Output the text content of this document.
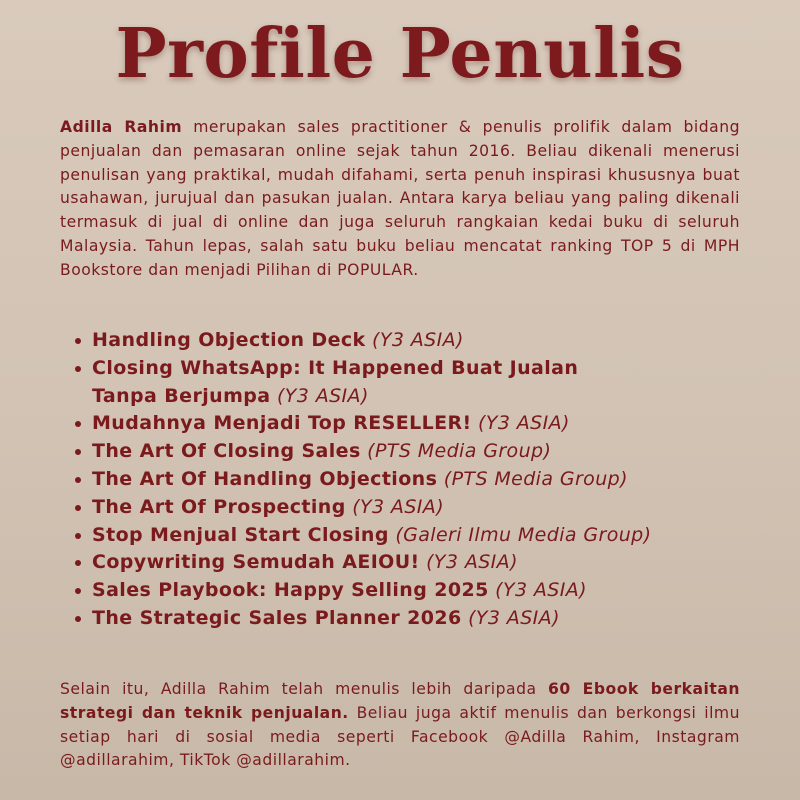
Profile Penulis

Adilla Rahim merupakan sales practitioner & penulis prolifik dalam bidang penjualan dan pemasaran online sejak tahun 2016. Beliau dikenali menerusi penulisan yang praktikal, mudah difahami, serta penuh inspirasi khususnya buat usahawan, jurujual dan pasukan jualan. Antara karya beliau yang paling dikenali termasuk di jual di online dan juga seluruh rangkaian kedai buku di seluruh Malaysia. Tahun lepas, salah satu buku beliau mencatat ranking TOP 5 di MPH Bookstore dan menjadi Pilihan di POPULAR.

Handling Objection Deck (Y3 ASIA)
Closing WhatsApp: It Happened Buat Jualan Tanpa Berjumpa (Y3 ASIA)
Mudahnya Menjadi Top RESELLER! (Y3 ASIA)
The Art Of Closing Sales (PTS Media Group)
The Art Of Handling Objections (PTS Media Group)
The Art Of Prospecting (Y3 ASIA)
Stop Menjual Start Closing (Galeri Ilmu Media Group)
Copywriting Semudah AEIOU! (Y3 ASIA)
Sales Playbook: Happy Selling 2025 (Y3 ASIA)
The Strategic Sales Planner 2026 (Y3 ASIA)

Selain itu, Adilla Rahim telah menulis lebih daripada 60 Ebook berkaitan strategi dan teknik penjualan. Beliau juga aktif menulis dan berkongsi ilmu setiap hari di sosial media seperti Facebook @Adilla Rahim, Instagram @adillarahim, TikTok @adillarahim.
